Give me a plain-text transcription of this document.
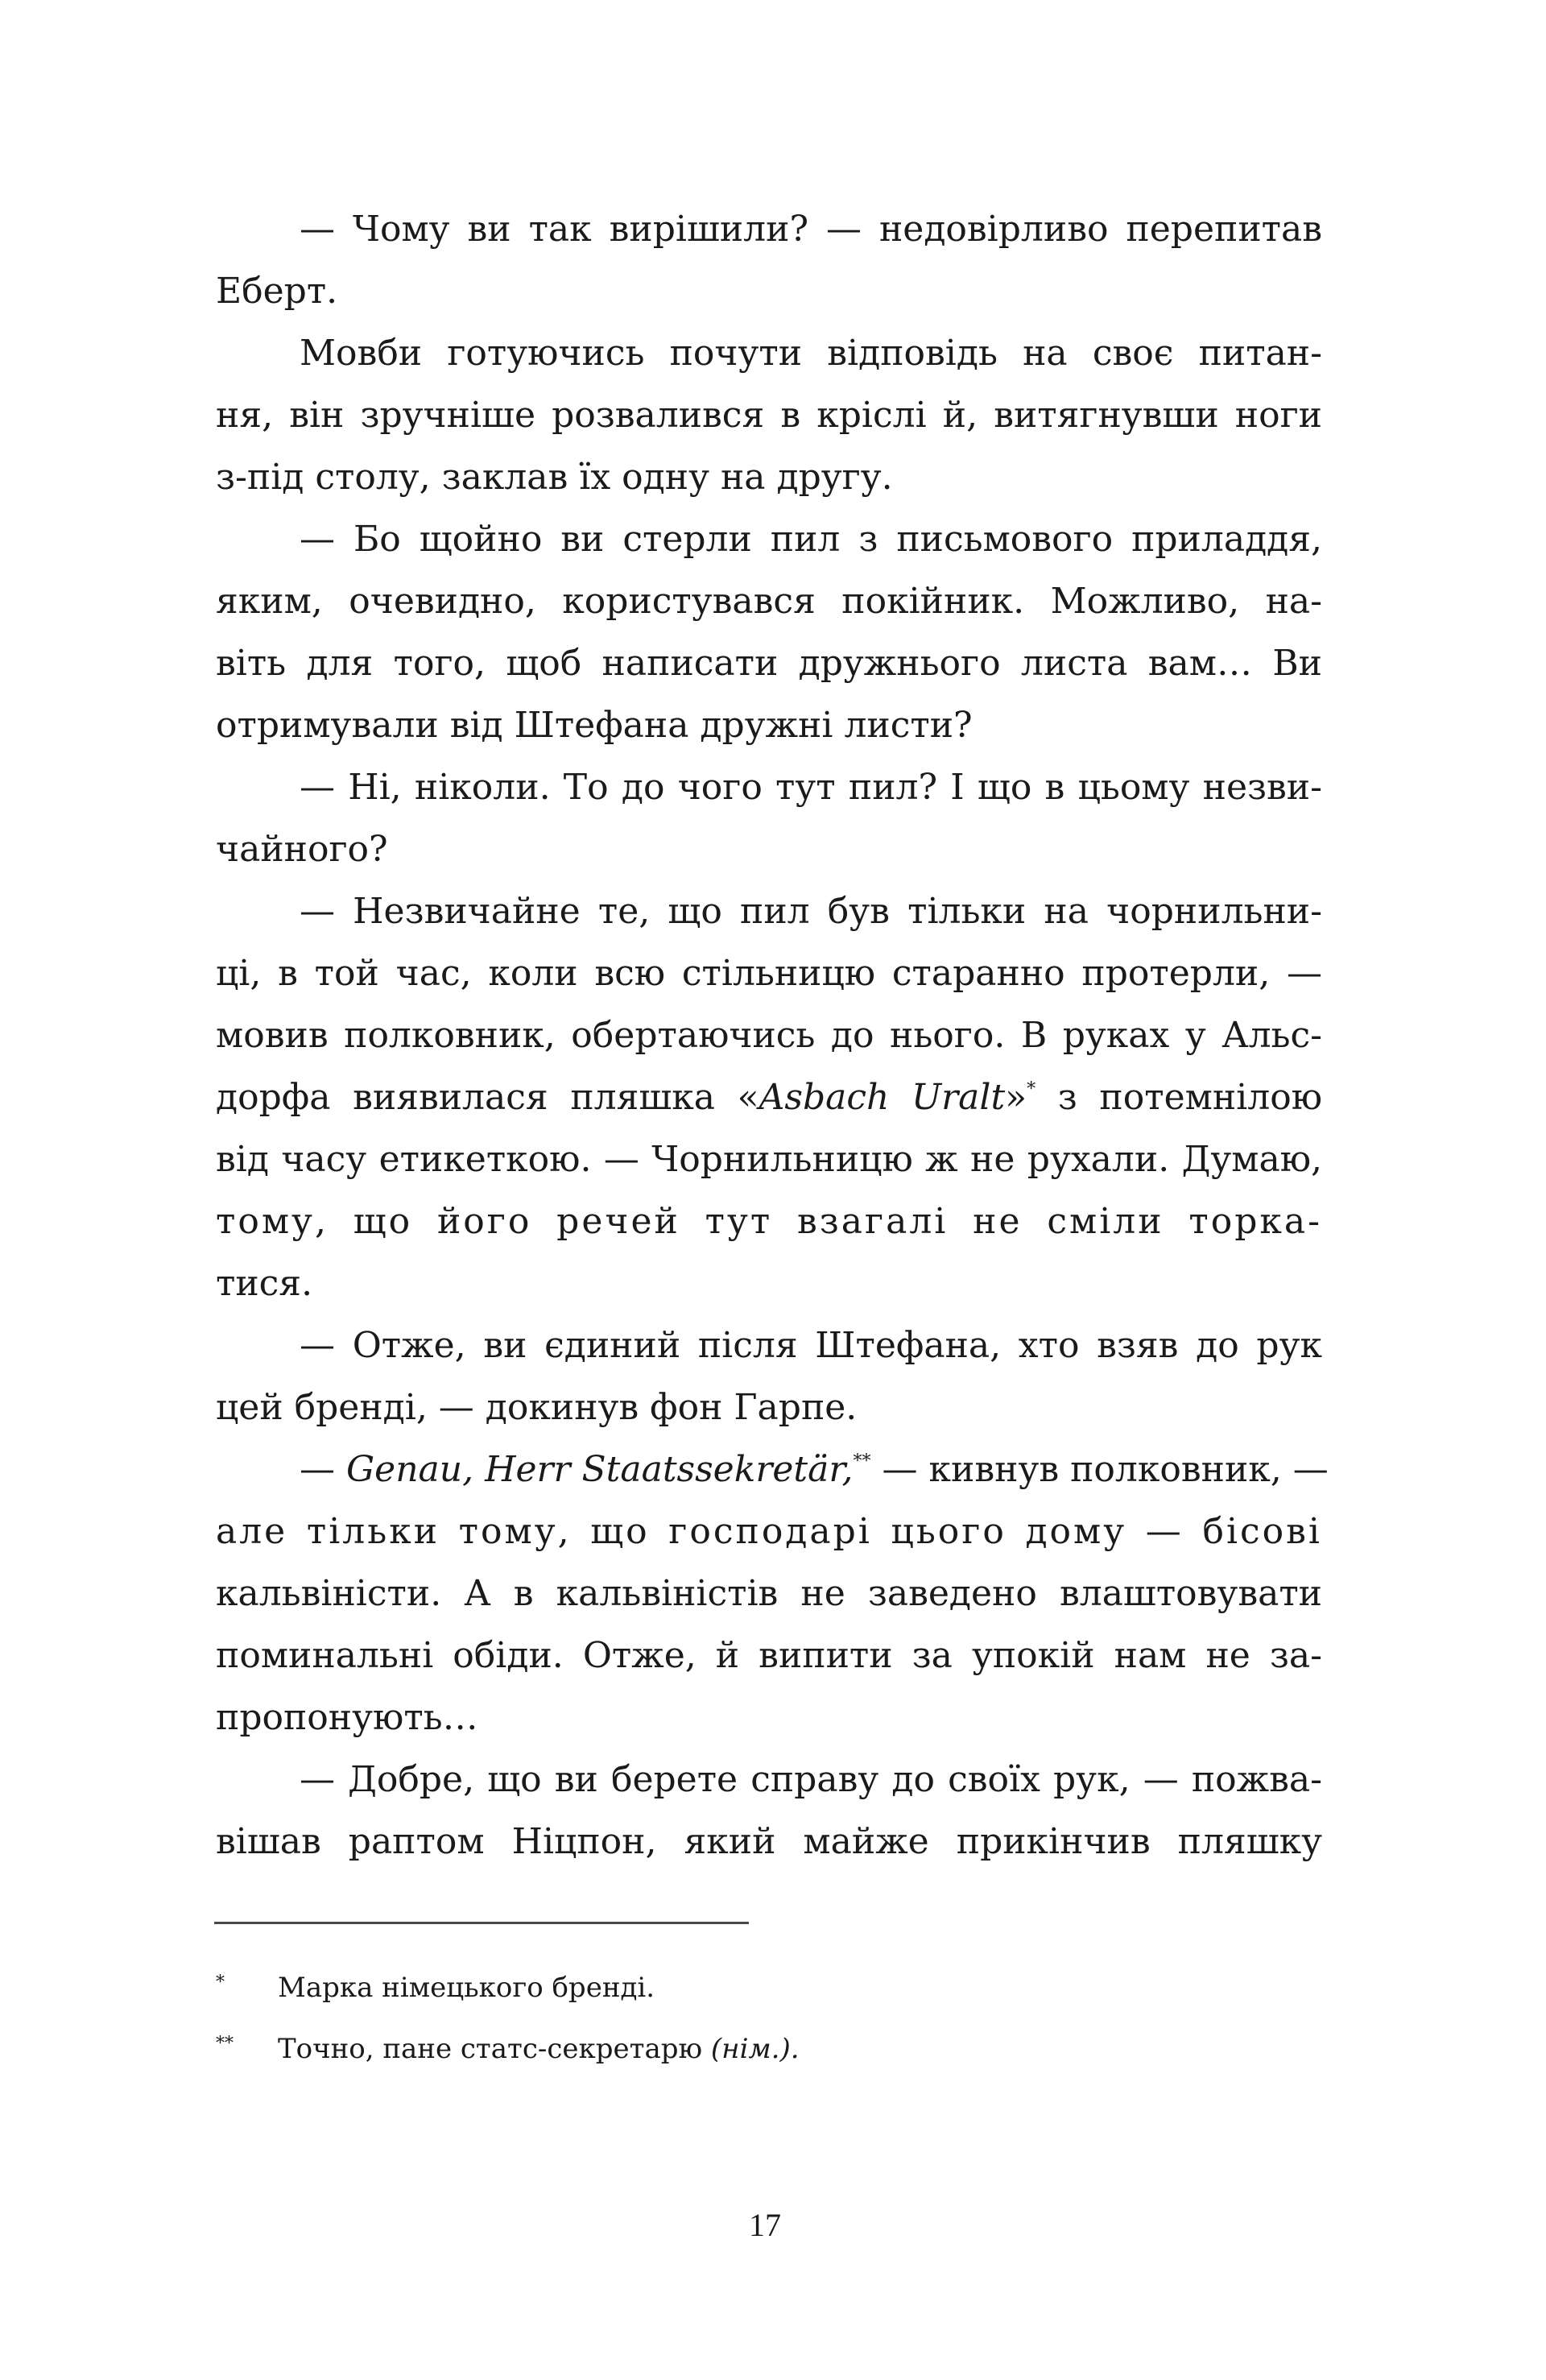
— Чому ви так вирішили? — недовірливо перепитав
Еберт.
Мовби готуючись почути відповідь на своє питан-
ня, він зручніше розвалився в кріслі й, витягнувши ноги
з-під столу, заклав їх одну на другу.
— Бо щойно ви стерли пил з письмового приладдя,
яким, очевидно, користувався покійник. Можливо, на-
віть для того, щоб написати дружнього листа вам… Ви
отримували від Штефана дружні листи?
— Ні, ніколи. То до чого тут пил? І що в цьому незви-
чайного?
— Незвичайне те, що пил був тільки на чорнильни-
ці, в той час, коли всю стільницю старанно протерли, —
мовив полковник, обертаючись до нього. В руках у Альс-
дорфа виявилася пляшка «Asbach Uralt»* з потемнілою
від часу етикеткою. — Чорнильницю ж не рухали. Думаю,
тому, що його речей тут взагалі не сміли торка-
тися.
— Отже, ви єдиний після Штефана, хто взяв до рук
цей бренді, — докинув фон Гарпе.
— Genau, Herr Staatssekretär,** — кивнув полковник, —
але тільки тому, що господарі цього дому — бісові
кальвіністи. А в кальвіністів не заведено влаштовувати
поминальні обіди. Отже, й випити за упокій нам не за-
пропонують…
— Добре, що ви берете справу до своїх рук, — пожва-
вішав раптом Ніцпон, який майже прикінчив пляшку
* Марка німецького бренді.
** Точно, пане статс-секретарю (нім.).
17
